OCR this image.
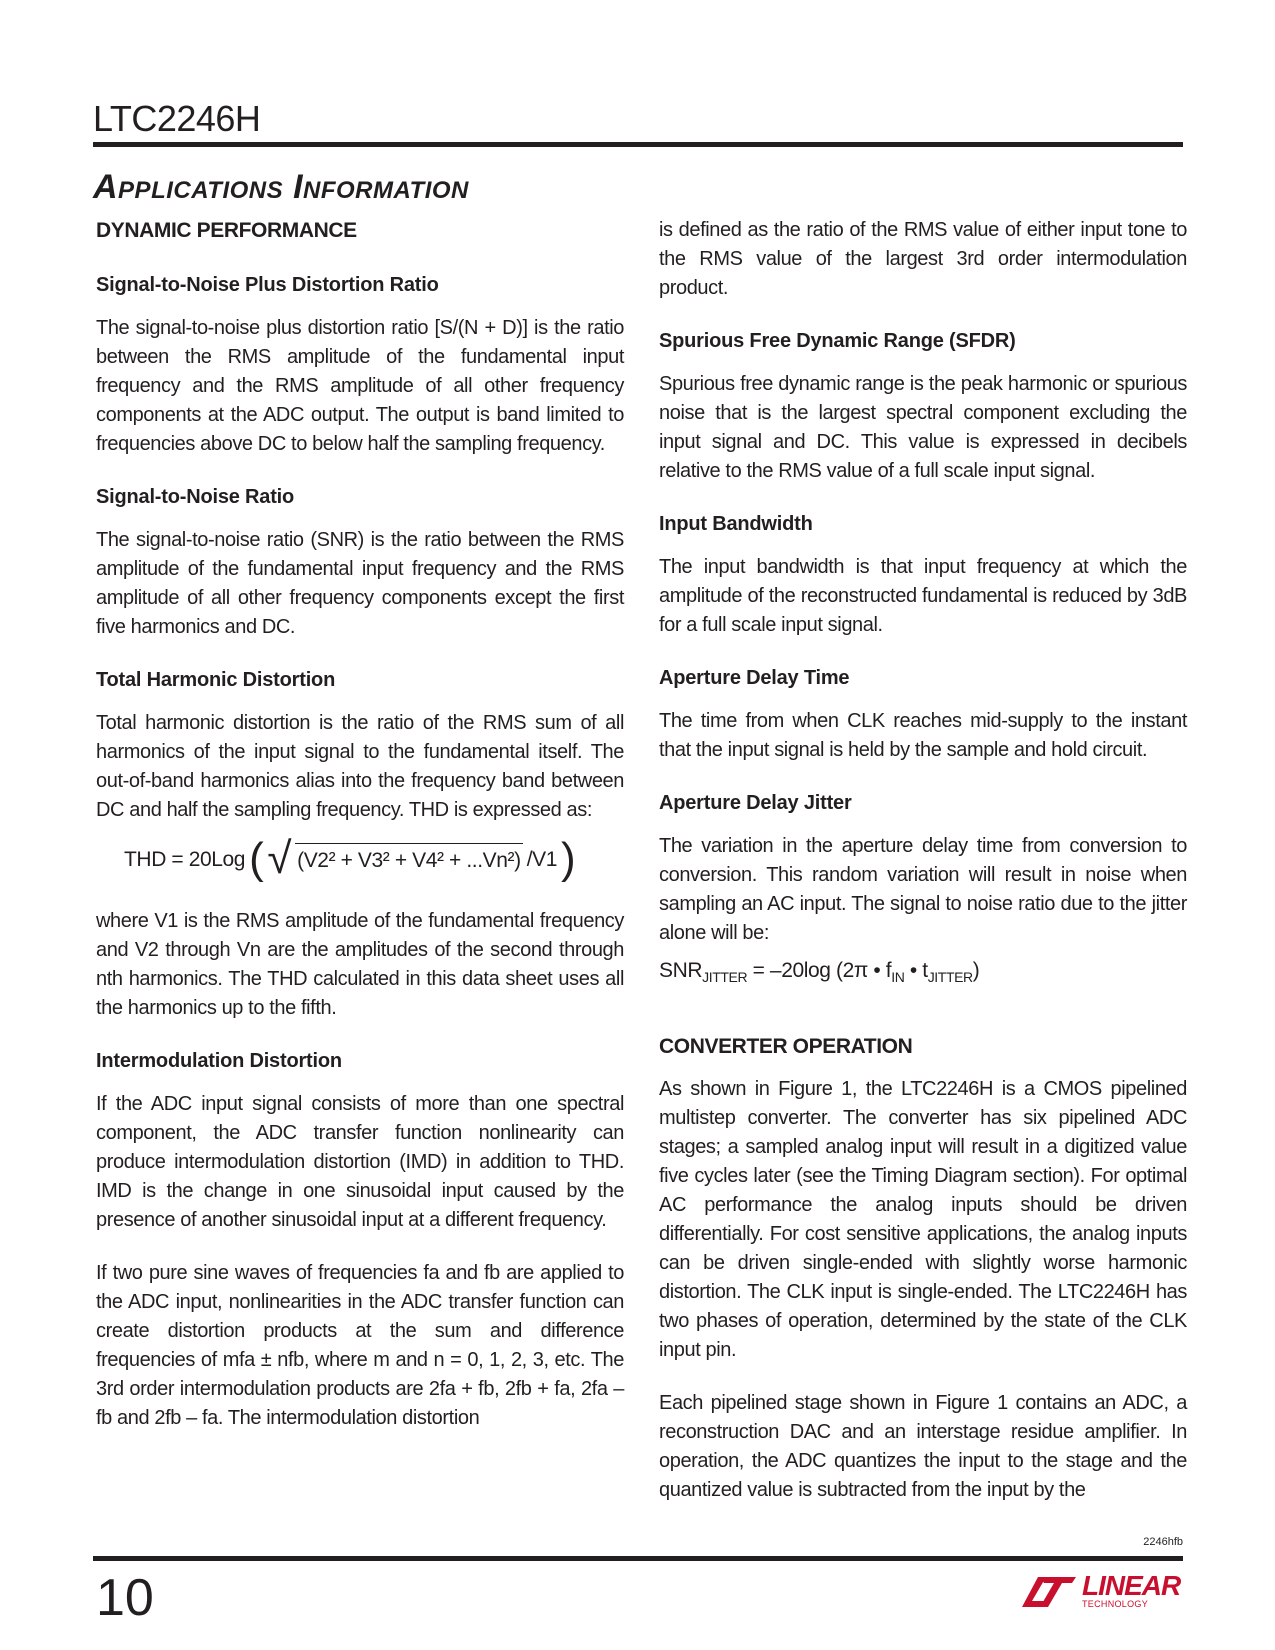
LTC2246H
Applications Information
DYNAMIC PERFORMANCE
Signal-to-Noise Plus Distortion Ratio

The signal-to-noise plus distortion ratio [S/(N + D)] is the ratio between the RMS amplitude of the fundamental input frequency and the RMS amplitude of all other frequency components at the ADC output. The output is band limited to frequencies above DC to below half the sampling frequency.

Signal-to-Noise Ratio

The signal-to-noise ratio (SNR) is the ratio between the RMS amplitude of the fundamental input frequency and the RMS amplitude of all other frequency components except the first five harmonics and DC.

Total Harmonic Distortion

Total harmonic distortion is the ratio of the RMS sum of all harmonics of the input signal to the fundamental itself. The out-of-band harmonics alias into the frequency band between DC and half the sampling frequency. THD is expressed as:

THD = 20Log ( √ (V2² + V3² + V4² + ...Vn²) /V1 )

where V1 is the RMS amplitude of the fundamental frequency and V2 through Vn are the amplitudes of the second through nth harmonics. The THD calculated in this data sheet uses all the harmonics up to the fifth.

Intermodulation Distortion

If the ADC input signal consists of more than one spectral component, the ADC transfer function nonlinearity can produce intermodulation distortion (IMD) in addition to THD. IMD is the change in one sinusoidal input caused by the presence of another sinusoidal input at a different frequency.

If two pure sine waves of frequencies fa and fb are applied to the ADC input, nonlinearities in the ADC transfer function can create distortion products at the sum and difference frequencies of mfa ± nfb, where m and n = 0, 1, 2, 3, etc. The 3rd order intermodulation products are 2fa + fb, 2fb + fa, 2fa – fb and 2fb – fa. The intermodulation distortion

is defined as the ratio of the RMS value of either input tone to the RMS value of the largest 3rd order intermodulation product.

Spurious Free Dynamic Range (SFDR)

Spurious free dynamic range is the peak harmonic or spurious noise that is the largest spectral component excluding the input signal and DC. This value is expressed in decibels relative to the RMS value of a full scale input signal.

Input Bandwidth

The input bandwidth is that input frequency at which the amplitude of the reconstructed fundamental is reduced by 3dB for a full scale input signal.

Aperture Delay Time

The time from when CLK reaches mid-supply to the instant that the input signal is held by the sample and hold circuit.

Aperture Delay Jitter

The variation in the aperture delay time from conversion to conversion. This random variation will result in noise when sampling an AC input. The signal to noise ratio due to the jitter alone will be:

$SNR_{JITTER} = -20\log$ (2π • $f_{IN}$ • $t_{JITTER}$)
CONVERTER OPERATION

As shown in Figure 1, the LTC2246H is a CMOS pipelined multistep converter. The converter has six pipelined ADC stages; a sampled analog input will result in a digitized value five cycles later (see the Timing Diagram section). For optimal AC performance the analog inputs should be driven differentially. For cost sensitive applications, the analog inputs can be driven single-ended with slightly worse harmonic distortion. The CLK input is single-ended. The LTC2246H has two phases of operation, determined by the state of the CLK input pin.

Each pipelined stage shown in Figure 1 contains an ADC, a reconstruction DAC and an interstage residue amplifier. In operation, the ADC quantizes the input to the stage and the quantized value is subtracted from the input by the

2246hfb
10	LINEAR
TECHNOLOGY
